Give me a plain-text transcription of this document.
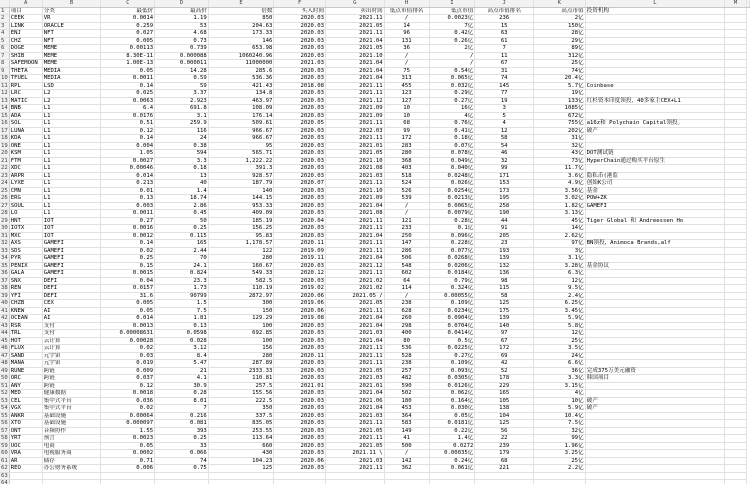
	A	B	C	D	E	F	G	H	I	J	K	L	M	
1	项目	分类	最低价	最高价	倍数	买入时间	卖出时间	低点市值排名	低点市值	高点市值排名	高点市值	投资机构		
2	CEEK	VR	0.0014	1.19	850	2020.03	2021.11	/	0.0023亿	236	2亿			
3	LINK	ORACLE	0.259	53	204.63	2020.03	2021.05	14	7亿	15	150亿			
4	ENJ	NFT	0.027	4.68	173.33	2020.03	2021.11	96	0.42亿	63	28亿			
5	CHZ	NFT	0.005	0.73	146	2020.03	2021.04	131	0.26亿	61	29亿			
6	DOGE	MEME	0.00113	0.739	653.98	2020.03	2021.05	36	2亿	7	89亿			
7	SHIB	MEME	8.30E-11	0.000088	1060240.96	2020.03	2021.10	/	/	11	312亿			
8	SAFEMOON	MEME	1.00E-13	0.000011	11000000	2021.03	2021.04	/	/	67	25亿			
9	THETA	MEDIA	0.05	14.28	285.6	2020.03	2021.04	75	0.54亿	31	74亿			
10	TFUEL	MEDIA	0.0011	0.59	536.36	2020.03	2021.04	313	0.065亿	74	20.4亿			
11	RPL	LSD	0.14	59	421.43	2018.08	2021.11	455	0.032亿	145	5.7亿	Coinbase		
12	LRC	L2	0.025	3.37	134.8	2020.03	2021.11	123	0.29亿	77	19亿			
13	MATIC	L2	0.0063	2.923	463.97	2020.03	2021.12	127	0.27亿	19	133亿	红杉资本印度领投，40多家主CEX+L1		
14	BNB	L1	6.4	691.8	108.09	2020.03	2021.09	10	16亿	3	1085亿			
15	ADA	L1	0.0176	3.1	176.14	2020.03	2021.09	10	4亿	5	672亿			
16	SOL	L1	0.51	259.9	509.61	2020.05	2021.11	68	0.76亿	4	755亿	a16z和 Polychain Capital领投。		
17	LUNA	L1	0.12	116	966.67	2020.03	2022.03	99	0.41亿	12	202亿	破产		
18	KDA	L1	0.14	24	966.67	2020.03	2021.11	172	0.18亿	58	31亿			
19	ONE	L1	0.004	0.38	95	2020.03	2021.01	283	0.07亿	54	32亿			
20	KSM	L1	1.05	594	565.71	2020.03	2021.05	280	0.078亿	46	43亿	DOT测试链		
21	FTM	L1	0.0027	3.3	1,222.22	2020.03	2021.10	368	0.049亿	32	73亿	HyperChain通过购买平台原生		
22	XDC	L1	0.00046	0.18	391.3	2020.03	2021.08	403	0.040亿	99	11.7亿			
23	ARPR	L1	0.014	13	928.57	2020.03	2021.03	518	0.0248亿	171	3.6亿	隐私币(港监		
24	LYXE	L1	0.213	40	187.79	2020.07	2021.11	524	0.026亿	153	4.9亿	创始K公司		
25	CMN	L1	0.01	1.4	140	2020.03	2021.10	526	0.0254亿	173	3.56亿	基金		
26	ERG	L1	0.13	18.74	144.15	2020.03	2021.09	539	0.0213亿	195	3.02亿	POW+ZK		
27	SOUL	L1	0.003	2.86	953.33	2020.03	2021.04	/	0.0065亿	258	1.82亿	GAMEFI		
28	LO	L1	0.0011	0.45	409.09	2020.03	2021.08	/	0.0079亿	190	3.13亿			
29	HNT	IOT	0.27	50	185.19	2020.04	2021.11	121	0.28亿	44	45亿	Tiger Global 和 Andreessen Ho		
30	IOTX	IOT	0.0016	0.25	156.25	2020.03	2021.11	233	0.1亿	91	14亿			
31	MXC	IOT	0.0012	0.115	95.83	2020.03	2021.04	250	0.096亿	205	2.62亿			
32	AXS	GAMEFI	0.14	165	1,178.57	2020.11	2021.11	147	0.228亿	23	97亿	BN领投，Animoca Brands,alf		
33	SDS	GAMEFI	0.02	2.44	122	2019.09	2021.11	286	0.077亿	193	3亿			
34	PYR	GAMEFI	0.25	70	280	2019.11	2021.04	506	0.0268亿	139	3.1亿			
35	PENIX	GAMEFI	0.15	24.1	160.67	2020.03	2021.12	548	0.0206亿	132	3.28亿	基金协议		
36	GALA	GAMEFI	0.0015	0.824	549.33	2020.12	2021.11	602	0.0184亿	136	6.3亿			
37	SNX	DEFI	0.04	23.3	582.5	2020.03	2021.02	64	0.79亿	98	12亿			
38	REN	DEFI	0.0157	1.73	110.19	2019.02	2021.02	114	0.324亿	115	9.5亿			
39	YFI	DEFI	31.6	90799	2872.97	2020.06	2021.05 /	/	0.00055亿	58	2.4亿			
40	CHZB	CEX	0.005	1.5	300	2019.06	2021.05	238	0.109亿	125	6.25亿			
41	KNEW	AI	0.05	7.5	150	2020.06	2021.11	628	0.0234亿	175	3.45亿			
42	OCEAN	AI	0.014	1.81	129.29	2019.08	2021.04	260	0.0904亿	139	5.9亿			
43	RSR	支付	0.0013	0.13	100	2020.03	2021.04	298	0.0704亿	140	5.8亿			
44	TRL	支付	0.00008631	0.0598	692.85	2020.03	2021.03	400	0.0414亿	97	12亿			
45	HOT	云计算	0.00028	0.028	100	2020.03	2021.04	80	0.5亿	67	25亿			
46	FLUX	云计算	0.02	3.12	156	2020.03	2021.11	536	0.0225亿	172	3.5亿			
47	SAND	元宇宙	0.03	8.4	280	2020.11	2021.11	528	0.27亿	69	24亿			
48	MANA	元宇宙	0.019	5.47	287.89	2020.03	2021.11	238	0.109亿	42	6.6亿			
49	RUNE	跨链	0.009	21	2333.33	2020.03	2021.05	257	0.093亿	52	36亿	完成375万美元融资		
50	ORC	跨链	0.037	4.1	110.81	2020.03	2021.03	482	0.0305亿	178	3.3亿	韩国项目		
51	ANY	跨链	0.12	30.9	257.5	2021.01	2021.01	590	0.0126亿	229	3.15亿			
52	MED	健康数据	0.0018	0.28	155.56	2020.03	2021.04	502	0.062亿	165	4亿			
53	CEL	集中式平台	0.036	8.01	222.5	2020.03	2021.06	180	0.164亿	105	10亿	破产		
54	VGX	集中式平台	0.02	7	350	2020.03	2021.04	453	0.030亿	138	5.9亿	破产		
55	ANKR	基础设施	0.00064	0.216	337.5	2020.03	2021.03	364	0.05亿	104	10.4亿			
56	XTO	基础设施	0.000097	0.081	835.05	2020.03	2021.11	583	0.0181亿	125	7.5亿			
57	ONT	音频协作	1.55	393	253.55	2020.03	2021.05	149	0.22亿	56	32亿			
58	YRT	预言	0.0023	0.25	113.64	2020.03	2021.11	41	1.4亿	22	99亿			
59	UOC	电商	0.05	33	660	2020.03	2021.05	500	0.0272	239	1.96亿			
60	VRA	电视服务商	0.0002	0.066	430	2020.03	2021.11 \	/	0.00035亿	179	3.25亿			
61	AR	储存	0.71	74	104.23	2020.06	2021.03	142	0.24亿	68	25亿			
62	REO	办公财务系统	0.006	0.75	125	2020.03	2021.11	362	0.061亿	221	2.2亿			
63														
64														
